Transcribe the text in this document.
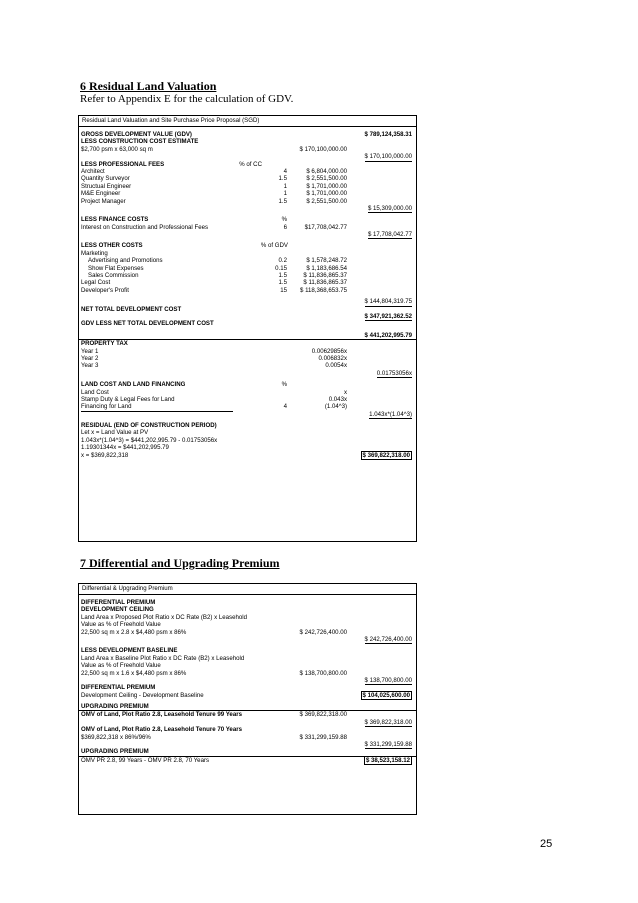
6 Residual Land Valuation

Refer to Appendix E for the calculation of GDV.

Residual Land Valuation and Site Purchase Price Proposal (SGD)
GROSS DEVELOPMENT VALUE (GDV)	$ 789,124,358.31
LESS CONSTRUCTION COST ESTIMATE
$2,700 psm x 63,000 sq m	$ 170,100,000.00
$ 170,100,000.00
LESS PROFESSIONAL FEES	% of CC
Architect	4	$ 6,804,000.00
Quantity Surveyor	1.5	$ 2,551,500.00
Structual Engineer	1	$ 1,701,000.00
M&E Engineer	1	$ 1,701,000.00
Project Manager	1.5	$ 2,551,500.00
$ 15,309,000.00
LESS FINANCE COSTS	%
Interest on Construction and Professional Fees	6	$17,708,042.77
$ 17,708,042.77
LESS OTHER COSTS	% of GDV
Marketing
Advertising and Promotions	0.2	$ 1,578,248.72
Show Flat Expenses	0.15	$ 1,183,686.54
Sales Commission	1.5	$ 11,836,865.37
Legal Cost	1.5	$ 11,836,865.37
Developer's Profit	15 $ 118,368,653.75
$ 144,804,319.75
NET TOTAL DEVELOPMENT COST
$ 347,921,362.52
GDV LESS NET TOTAL DEVELOPMENT COST
$ 441,202,995.79
PROPERTY TAX
Year 1	0.00629856x
Year 2	0.006832x
Year 3	0.0054x
0.01753056x
LAND COST AND LAND FINANCING	%
Land Cost	x
Stamp Duty & Legal Fees for Land	0.043x
Financing for Land	4	(1.04^3)
1.043x*(1.04^3)
RESIDUAL (END OF CONSTRUCTION PERIOD)
Let x = Land Value at PV
1.043x*(1.04^3) = $441,202,995.79 - 0.01753056x
1.19301344x = $441,202,995.79
x = $369,822,318	$ 369,822,318.00
7 Differential and Upgrading Premium
Differential & Upgrading Premium
DIFFERENTIAL PREMIUM
DEVELOPMENT CEILING
Land Area x Proposed Plot Ratio x DC Rate (B2) x Leasehold
Value as % of Freehold Value
22,500 sq m x 2.8 x $4,480 psm x 86%	$ 242,726,400.00
$ 242,726,400.00
LESS DEVELOPMENT BASELINE
Land Area x Baseline Plot Ratio x DC Rate (B2) x Leasehold
Value as % of Freehold Value
22,500 sq m x 1.6 x $4,480 psm x 86%	$ 138,700,800.00
$ 138,700,800.00
DIFFERENTIAL PREMIUM
Development Ceiling - Development Baseline	$ 104,025,600.00
UPGRADING PREMIUM
OMV of Land, Plot Ratio 2.8, Leasehold Tenure 99 Years	$ 369,822,318.00
$ 369,822,318.00
OMV of Land, Plot Ratio 2.8, Leasehold Tenure 70 Years
$369,822,318 x 86%/96%	$ 331,299,159.88
$ 331,299,159.88
UPGRADING PREMIUM
OMV PR 2.8, 99 Years - OMV PR 2.8, 70 Years	$ 38,523,158.12
25
